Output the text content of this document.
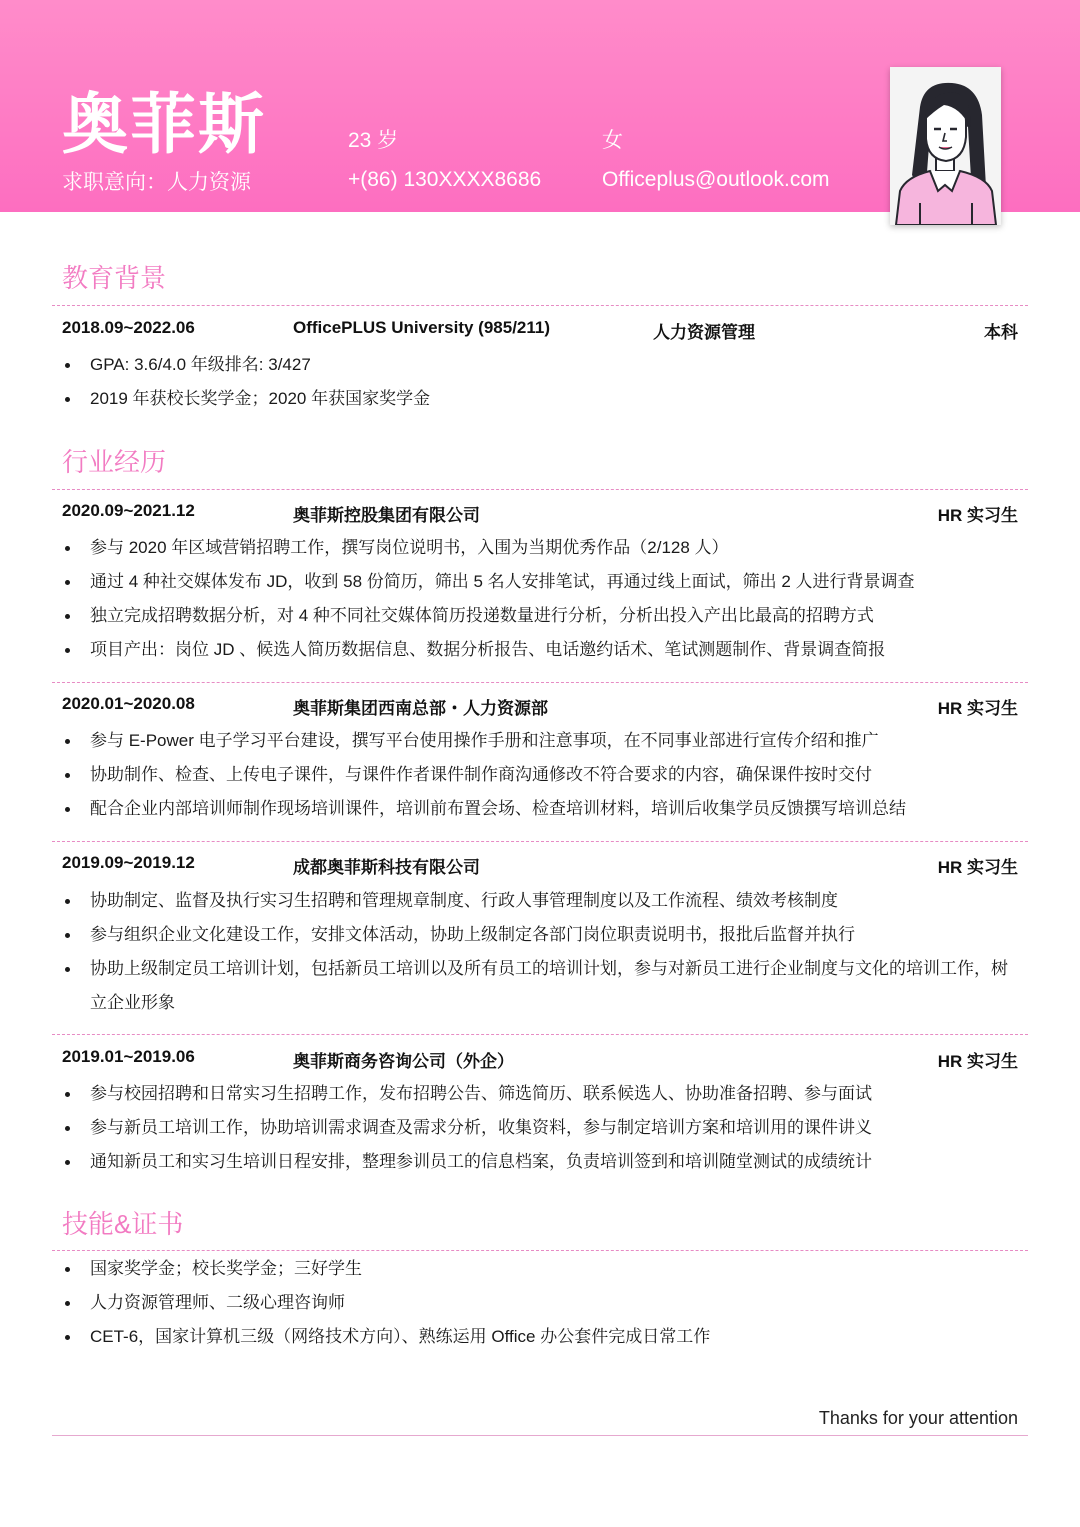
奥菲斯
求职意向：人力资源
23 岁
+(86) 130XXXX8686
女
Officeplus@outlook.com
教育背景
2018.09~2022.06	OfficePLUS University (985/211)	人力资源管理	本科
GPA: 3.6/4.0 年级排名: 3/427
2019 年获校长奖学金；2020 年获国家奖学金
行业经历
2020.09~2021.12	奥菲斯控股集团有限公司	HR 实习生
参与 2020 年区域营销招聘工作，撰写岗位说明书，入围为当期优秀作品（2/128 人）
通过 4 种社交媒体发布 JD，收到 58 份简历，筛出 5 名人安排笔试，再通过线上面试，筛出 2 人进行背景调查
独立完成招聘数据分析，对 4 种不同社交媒体简历投递数量进行分析，分析出投入产出比最高的招聘方式
项目产出：岗位 JD 、候选人简历数据信息、数据分析报告、电话邀约话术、笔试测题制作、背景调查简报
2020.01~2020.08	奥菲斯集团西南总部・人力资源部	HR 实习生
参与 E-Power 电子学习平台建设，撰写平台使用操作手册和注意事项，在不同事业部进行宣传介绍和推广
协助制作、检查、上传电子课件，与课件作者课件制作商沟通修改不符合要求的内容，确保课件按时交付
配合企业内部培训师制作现场培训课件，培训前布置会场、检查培训材料，培训后收集学员反馈撰写培训总结
2019.09~2019.12	成都奥菲斯科技有限公司	HR 实习生
协助制定、监督及执行实习生招聘和管理规章制度、行政人事管理制度以及工作流程、绩效考核制度
参与组织企业文化建设工作，安排文体活动，协助上级制定各部门岗位职责说明书，报批后监督并执行
协助上级制定员工培训计划，包括新员工培训以及所有员工的培训计划，参与对新员工进行企业制度与文化的培训工作，树立企业形象
2019.01~2019.06	奥菲斯商务咨询公司（外企）	HR 实习生
参与校园招聘和日常实习生招聘工作，发布招聘公告、筛选简历、联系候选人、协助准备招聘、参与面试
参与新员工培训工作，协助培训需求调查及需求分析，收集资料，参与制定培训方案和培训用的课件讲义
通知新员工和实习生培训日程安排，整理参训员工的信息档案，负责培训签到和培训随堂测试的成绩统计
技能&证书
国家奖学金；校长奖学金；三好学生
人力资源管理师、二级心理咨询师
CET-6，国家计算机三级（网络技术方向）、熟练运用 Office 办公套件完成日常工作
Thanks for your attention
